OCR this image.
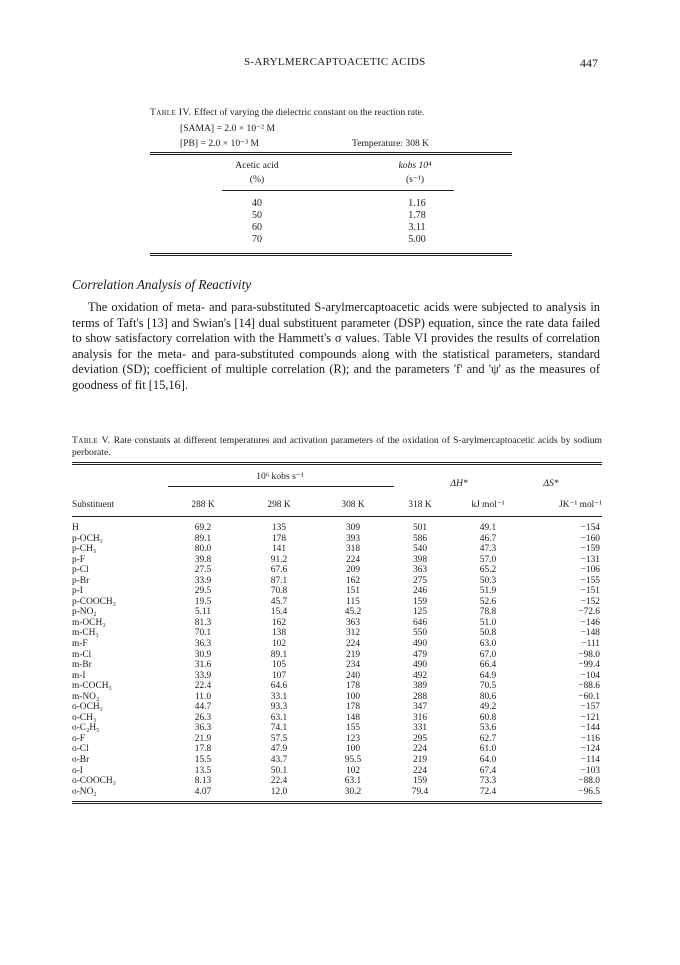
S-ARYLMERCAPTOACETIC ACIDS	447
Table IV. Effect of varying the dielectric constant on the reaction rate.
[SAMA] = 2.0 × 10⁻² M
[PB] = 2.0 × 10⁻³ M	Temperature: 308 K
Acetic acid
(%)
kobs 10⁴
(s⁻¹)
40		1.16
50		1.78
60		3.11
70		5.00
Correlation Analysis of Reactivity

The oxidation of meta- and para-substituted S-arylmercaptoacetic acids were subjected to analysis in terms of Taft's [13] and Swian's [14] dual substituent parameter (DSP) equation, since the rate data failed to show satisfactory correlation with the Hammett's σ values. Table VI provides the results of correlation analysis for the meta- and para-substituted compounds along with the statistical parameters, standard deviation (SD); coefficient of multiple correlation (R); and the parameters 'f' and 'ψ' as the measures of goodness of fit [15,16].

Table V. Rate constants at different temperatures and activation parameters of the oxidation of S-arylmercaptoacetic acids by sodium perborate.
10⁶ kobs s⁻¹
ΔH*	ΔS*
Substituent	288 K	298 K	308 K	318 K	kJ mol⁻¹	JK⁻¹ mol⁻¹
H	69.2	135	309	501	49.1	−154
p-OCH₃	89.1	178	393	586	46.7	−160
p-CH₃	80.0	141	318	540	47.3	−159
p-F	39.8	91.2	224	398	57.0	−131
p-Cl	27.5	67.6	209	363	65.2	−106
p-Br	33.9	87.1	162	275	50.3	−155
p-I	29.5	70.8	151	246	51.9	−151
p-COOCH₃	19.5	45.7	115	159	52.6	−152
p-NO₂	5.11	15.4	45.2	125	78.8	−72.6
m-OCH₃	81.3	162	363	646	51.0	−146
m-CH₃	70.1	138	312	550	50.8	−148
m-F	36.3	102	224	490	63.0	−111
m-Cl	30.9	89.1	219	479	67.0	−98.0
m-Br	31.6	105	234	490	66.4	−99.4
m-I	33.9	107	240	492	64.9	−104
m-COCH₃	22.4	64.6	178	389	70.5	−88.6
m-NO₂	11.0	33.1	100	288	80.6	−60.1
o-OCH₃	44.7	93.3	178	347	49.2	−157
o-CH₃	26.3	63.1	148	316	60.8	−121
o-C₂H₅	36.3	74.1	155	331	53.6	−144
o-F	21.9	57.5	123	295	62.7	−116
o-Cl	17.8	47.9	100	224	61.0	−124
o-Br	15.5	43.7	95.5	219	64.0	−114
o-I	13.5	50.1	102	224	67.4	−103
o-COOCH₃	8.13	22.4	63.1	159	73.3	−88.0
o-NO₂	4.07	12.0	30.2	79.4	72.4	−96.5
